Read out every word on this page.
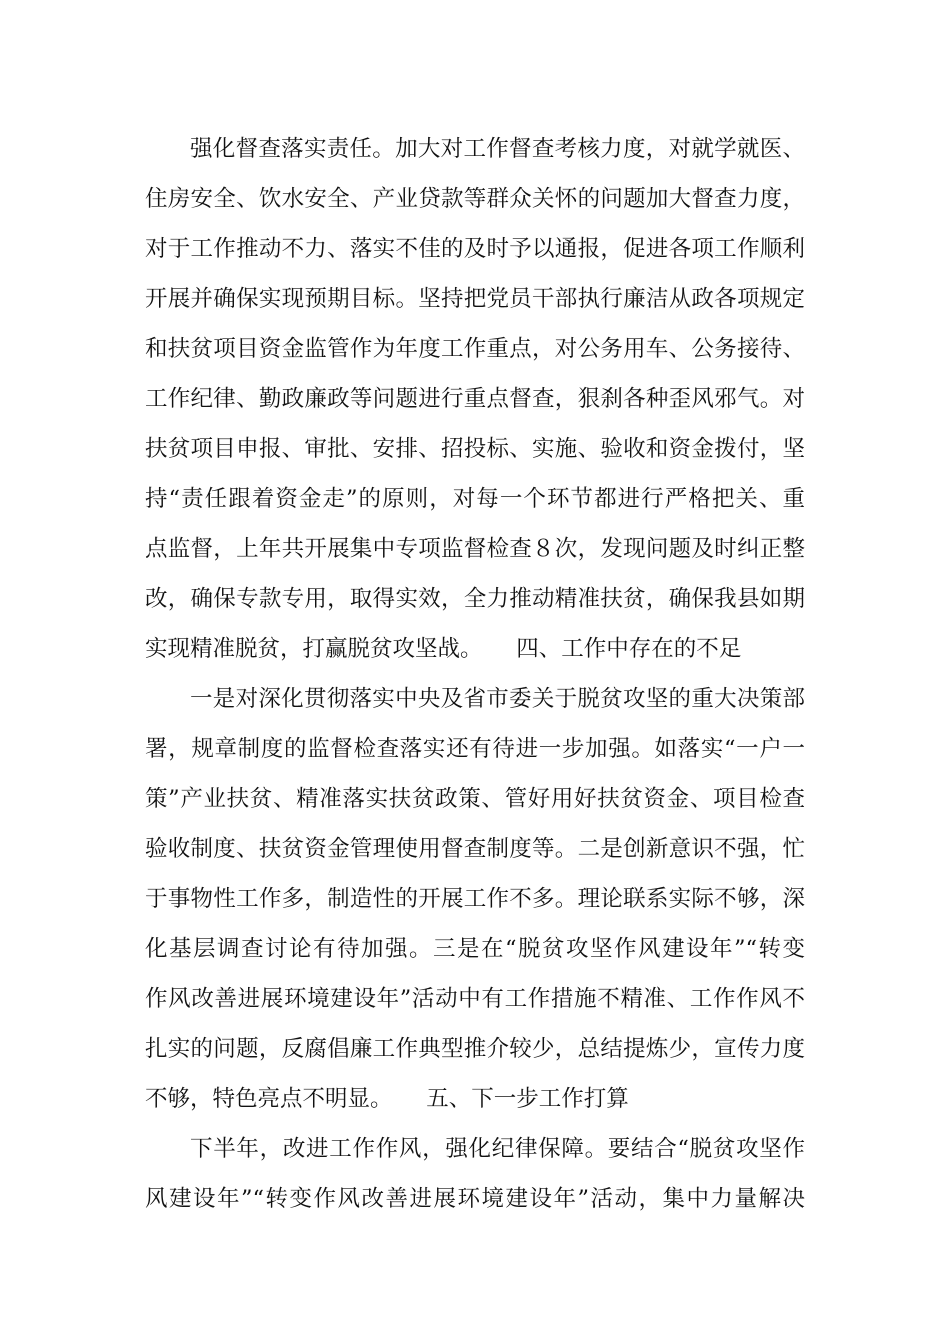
强化督查落实责任。加大对工作督查考核力度，对就学就医、
住房安全、饮水安全、产业贷款等群众关怀的问题加大督查力度，
对于工作推动不力、落实不佳的及时予以通报，促进各项工作顺利
开展并确保实现预期目标。坚持把党员干部执行廉洁从政各项规定
和扶贫项目资金监管作为年度工作重点，对公务用车、公务接待、
工作纪律、勤政廉政等问题进行重点督查，狠刹各种歪风邪气。对
扶贫项目申报、审批、安排、招投标、实施、验收和资金拨付，坚
持“责任跟着资金走”的原则，对每一个环节都进行严格把关、重
点监督，上年共开展集中专项监督检查８次，发现问题及时纠正整
改，确保专款专用，取得实效，全力推动精准扶贫，确保我县如期
实现精准脱贫，打赢脱贫攻坚战。　　四、工作中存在的不足
一是对深化贯彻落实中央及省市委关于脱贫攻坚的重大决策部
署，规章制度的监督检查落实还有待进一步加强。如落实“一户一
策”产业扶贫、精准落实扶贫政策、管好用好扶贫资金、项目检查
验收制度、扶贫资金管理使用督查制度等。二是创新意识不强，忙
于事物性工作多，制造性的开展工作不多。理论联系实际不够，深
化基层调查讨论有待加强。三是在“脱贫攻坚作风建设年”“转变
作风改善进展环境建设年”活动中有工作措施不精准、工作作风不
扎实的问题，反腐倡廉工作典型推介较少，总结提炼少，宣传力度
不够，特色亮点不明显。　　五、下一步工作打算
下半年，改进工作作风，强化纪律保障。要结合“脱贫攻坚作
风建设年”“转变作风改善进展环境建设年”活动，集中力量解决
